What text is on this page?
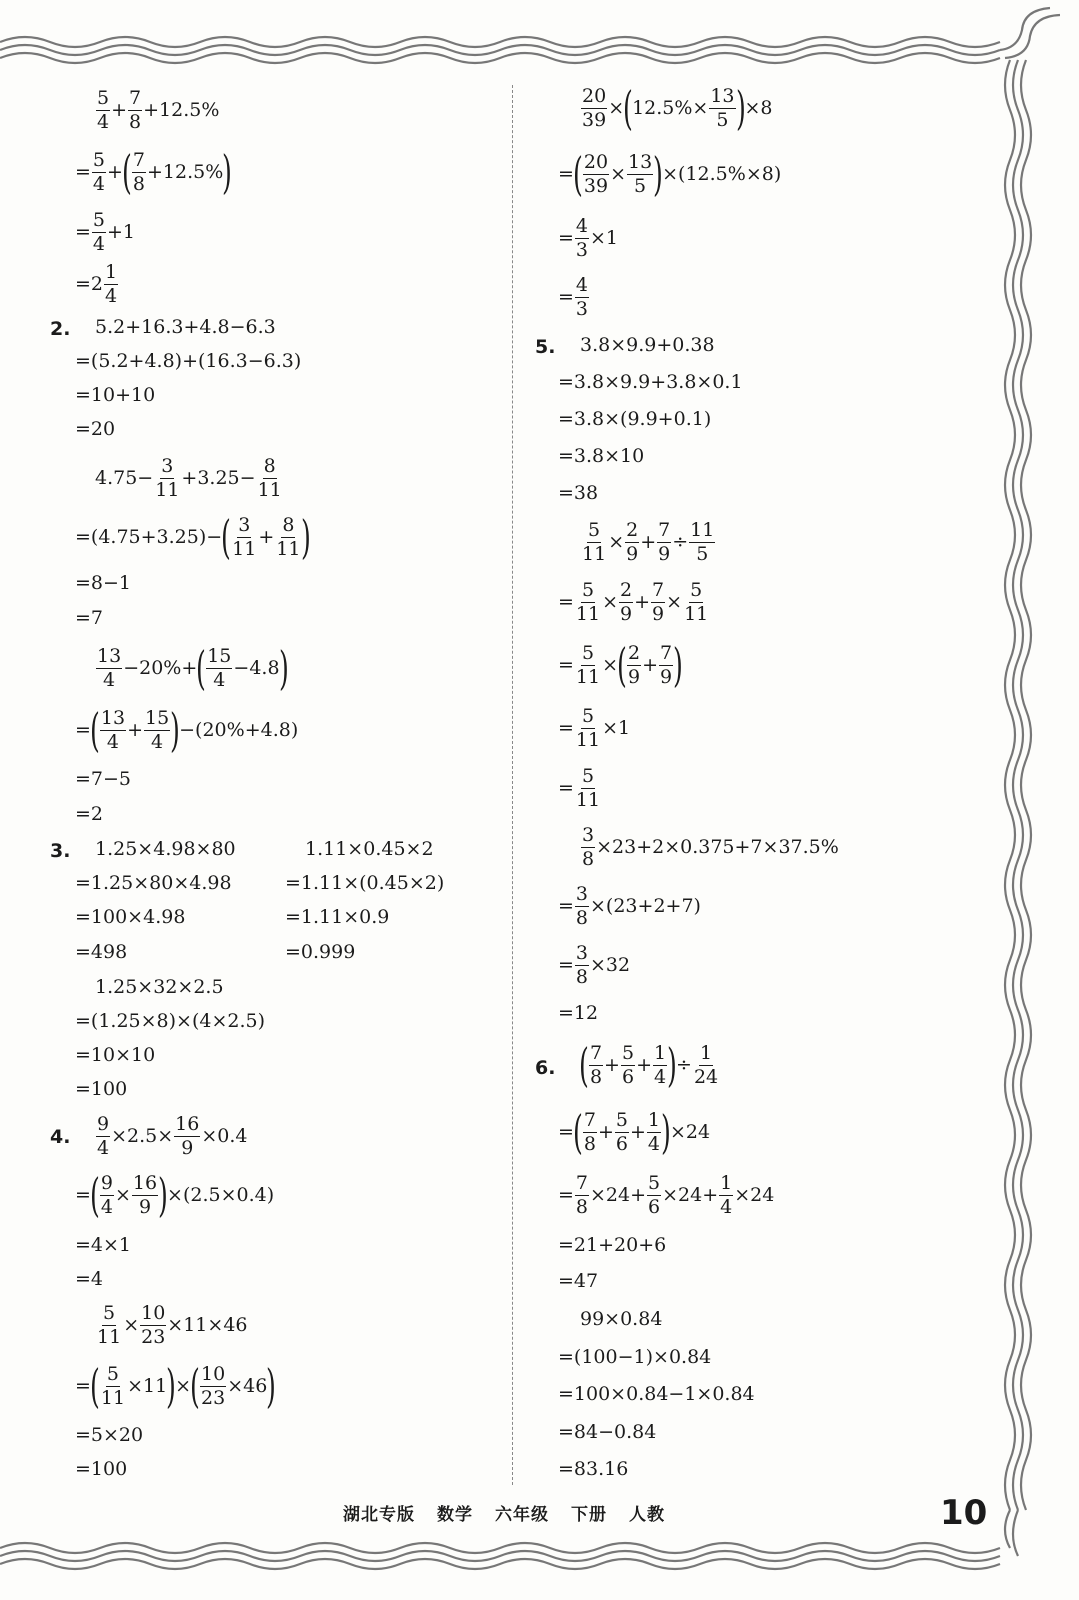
$\frac{5}{4} + \frac{7}{8} +12.5\%$
= $\frac{5}{4}$ + ( $\frac{7}{8} +12.5\%$ )
= $\frac{5}{4} +1$
$=2 \frac{1}{4}$
2. 5.2+16.3+4.8−6.3
=(5.2+4.8)+(16.3−6.3)
=10+10
=20
$4.75- \frac{3}{11} +3.25- \frac{8}{11}$
=(4.75+3.25)− ( $\frac{3}{11} + \frac{8}{11}$ )
=8−1
=7
$\frac{13}{4} -20\%+$ ( $\frac{15}{4} -4.8$ )
= ( $\frac{13}{4} + \frac{15}{4}$ ) −(20%+4.8)
=7−5
=2
3. 1.25×4.98×80
=1.25×80×4.98
=100×4.98
=498
1.11×0.45×2
=1.11×(0.45×2)
=1.11×0.9
=0.999
1.25×32×2.5
=(1.25×8)×(4×2.5)
=10×10
=100
4. $\frac{9}{4} \times 2.5\times \frac{16}{9} \times 0.4$
= ( $\frac{9}{4} \times \frac{16}{9}$ ) ×(2.5×0.4)
=4×1
=4
$\frac{5}{11} \times \frac{10}{23} \times 11\times 46$
= ( $\frac{5}{11} \times 11$ ) × ( $\frac{10}{23} \times 46$ )
=5×20
=100
$\frac{20}{39}$ × ( $12.5\%\times \frac{13}{5}$ ) ×8
= ( $\frac{20}{39} \times \frac{13}{5}$ ) ×(12.5%×8)
= $\frac{4}{3} \times 1$
= $\frac{4}{3}$
5. 3.8×9.9+0.38
=3.8×9.9+3.8×0.1
=3.8×(9.9+0.1)
=3.8×10
=38
$\frac{5}{11} \times \frac{2}{9} + \frac{7}{9} \div \frac{11}{5}$
= $\frac{5}{11} \times \frac{2}{9} + \frac{7}{9} \times \frac{5}{11}$
= $\frac{5}{11}$ × ( $\frac{2}{9} + \frac{7}{9}$ )
= $\frac{5}{11} \times 1$
= $\frac{5}{11}$
$\frac{3}{8} \times 23+2\times 0.375+7\times 37.5\%$
= $\frac{3}{8} \times(23+2+7)$
= $\frac{3}{8} \times 32$
=12
6. ( $\frac{7}{8} + \frac{5}{6} + \frac{1}{4}$ ) ÷ $\frac{1}{24}$
= ( $\frac{7}{8} + \frac{5}{6} + \frac{1}{4}$ ) ×24
= $\frac{7}{8} \times 24+ \frac{5}{6} \times 24+ \frac{1}{4} \times 24$
=21+20+6
=47
99×0.84
=(100−1)×0.84
=100×0.84−1×0.84
=84−0.84
=83.16
湖北专版 数学 六年级 下册 人教	10
